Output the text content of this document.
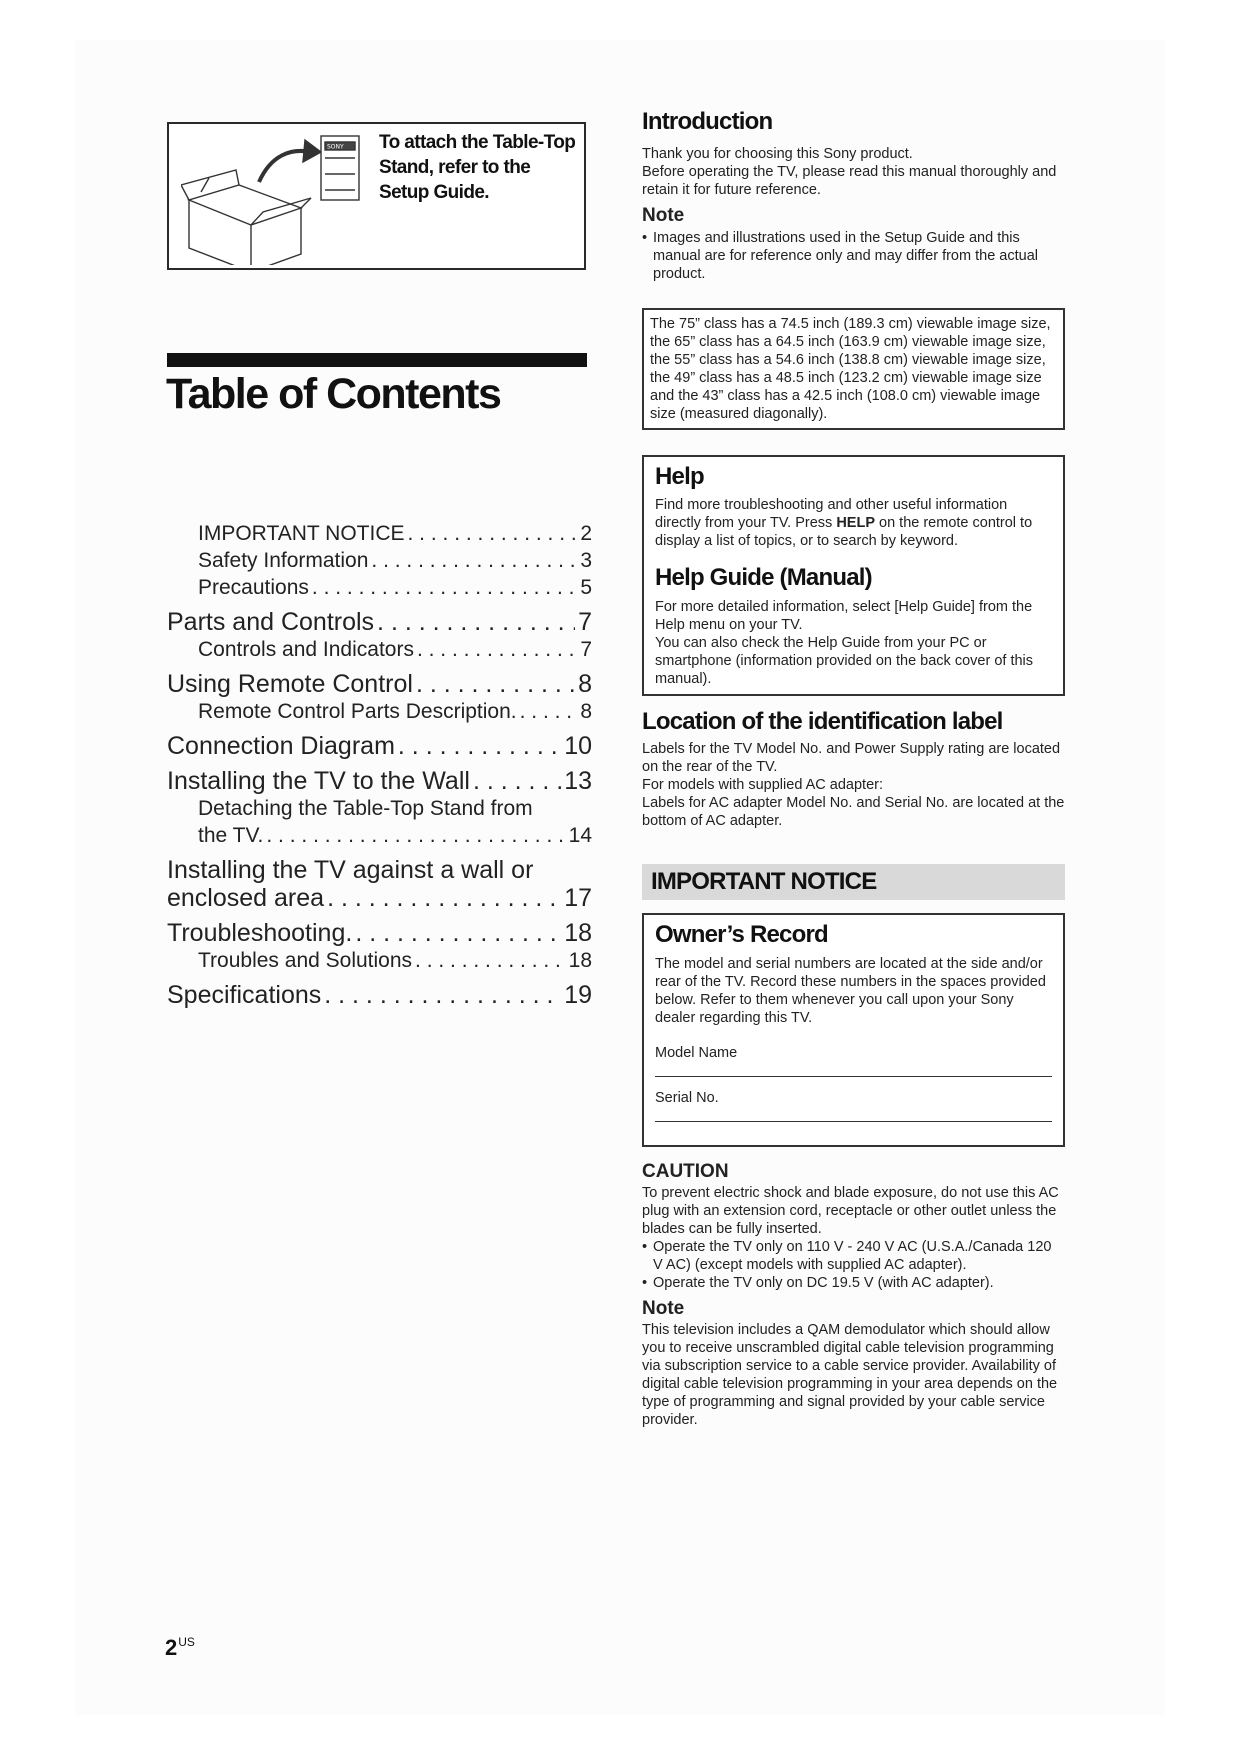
SONY To attach the Table-Top Stand, refer to the Setup Guide.
Table of Contents
IMPORTANT NOTICE . . .	2
Safety Information . . .	3
Precautions . . .	5
Parts and Controls . . .	7
Controls and Indicators . . .	7
Using Remote Control . . .	8
Remote Control Parts Description. . . .	8
Connection Diagram . . .	10
Installing the TV to the Wall . . .	13
Detaching the Table-Top Stand from
the TV. . . .	14
Installing the TV against a wall or
enclosed area . . .	17
Troubleshooting. . . .	18
Troubles and Solutions . . .	18
Specifications . . .	19
$2^{US}$
Introduction

Thank you for choosing this Sony product.

Before operating the TV, please read this manual thoroughly and retain it for future reference.

Note

• Images and illustrations used in the Setup Guide and this manual are for reference only and may differ from the actual product.

The 75” class has a 74.5 inch (189.3 cm) viewable image size, the 65” class has a 64.5 inch (163.9 cm) viewable image size, the 55” class has a 54.6 inch (138.8 cm) viewable image size, the 49” class has a 48.5 inch (123.2 cm) viewable image size and the 43” class has a 42.5 inch (108.0 cm) viewable image size (measured diagonally).

Help

Find more troubleshooting and other useful information directly from your TV. Press HELP on the remote control to display a list of topics, or to search by keyword.

Help Guide (Manual)

For more detailed information, select [Help Guide] from the Help menu on your TV.

You can also check the Help Guide from your PC or smartphone (information provided on the back cover of this manual).

Location of the identification label

Labels for the TV Model No. and Power Supply rating are located on the rear of the TV.

For models with supplied AC adapter:

Labels for AC adapter Model No. and Serial No. are located at the bottom of AC adapter.

IMPORTANT NOTICE
Owner’s Record

The model and serial numbers are located at the side and/or rear of the TV. Record these numbers in the spaces provided below. Refer to them whenever you call upon your Sony dealer regarding this TV.

Model Name

Serial No.

CAUTION

To prevent electric shock and blade exposure, do not use this AC plug with an extension cord, receptacle or other outlet unless the blades can be fully inserted.

• Operate the TV only on 110 V - 240 V AC (U.S.A./Canada 120 V AC) (except models with supplied AC adapter).

• Operate the TV only on DC 19.5 V (with AC adapter).

Note

This television includes a QAM demodulator which should allow you to receive unscrambled digital cable television programming via subscription service to a cable service provider. Availability of digital cable television programming in your area depends on the type of programming and signal provided by your cable service provider.
